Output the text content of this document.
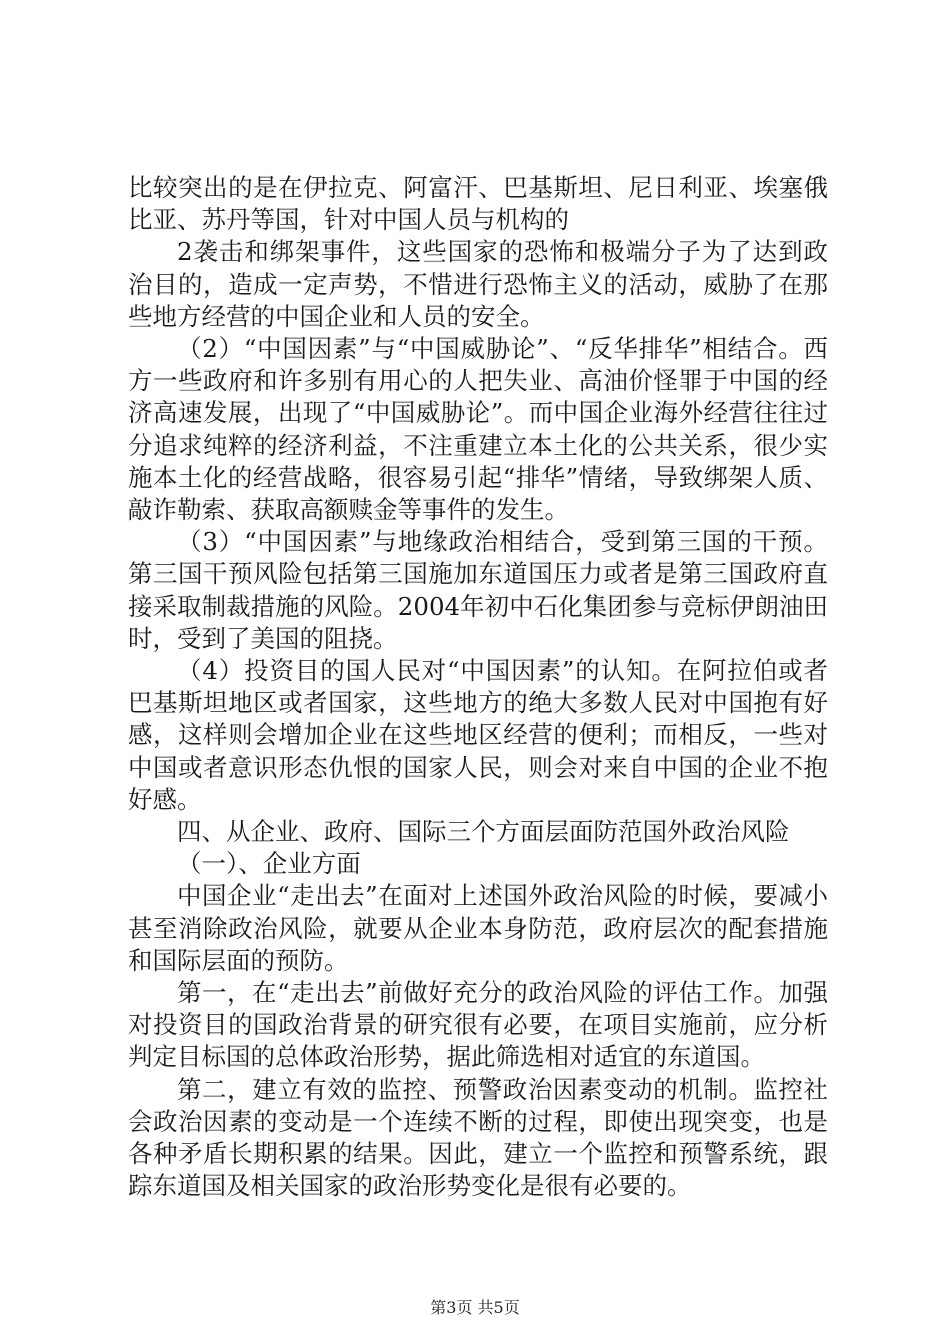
比较突出的是在伊拉克、阿富汗、巴基斯坦、尼日利亚、埃塞俄比亚、苏丹等国，针对中国人员与机构的

2袭击和绑架事件，这些国家的恐怖和极端分子为了达到政治目的，造成一定声势，不惜进行恐怖主义的活动，威胁了在那些地方经营的中国企业和人员的安全。

（2）“中国因素”与“中国威胁论”、“反华排华”相结合。西方一些政府和许多别有用心的人把失业、高油价怪罪于中国的经济高速发展，出现了“中国威胁论”。而中国企业海外经营往往过分追求纯粹的经济利益，不注重建立本土化的公共关系，很少实施本土化的经营战略，很容易引起“排华”情绪，导致绑架人质、敲诈勒索、获取高额赎金等事件的发生。

（3）“中国因素”与地缘政治相结合，受到第三国的干预。第三国干预风险包括第三国施加东道国压力或者是第三国政府直接采取制裁措施的风险。2004年初中石化集团参与竞标伊朗油田时，受到了美国的阻挠。

（4）投资目的国人民对“中国因素”的认知。在阿拉伯或者巴基斯坦地区或者国家，这些地方的绝大多数人民对中国抱有好感，这样则会增加企业在这些地区经营的便利；而相反，一些对中国或者意识形态仇恨的国家人民，则会对来自中国的企业不抱好感。

四、从企业、政府、国际三个方面层面防范国外政治风险

（一）、企业方面

中国企业“走出去”在面对上述国外政治风险的时候，要减小甚至消除政治风险，就要从企业本身防范，政府层次的配套措施和国际层面的预防。

第一，在“走出去”前做好充分的政治风险的评估工作。加强对投资目的国政治背景的研究很有必要，在项目实施前，应分析判定目标国的总体政治形势，据此筛选相对适宜的东道国。

第二，建立有效的监控、预警政治因素变动的机制。监控社会政治因素的变动是一个连续不断的过程，即使出现突变，也是各种矛盾长期积累的结果。因此，建立一个监控和预警系统，跟踪东道国及相关国家的政治形势变化是很有必要的。

第3页 共5页
